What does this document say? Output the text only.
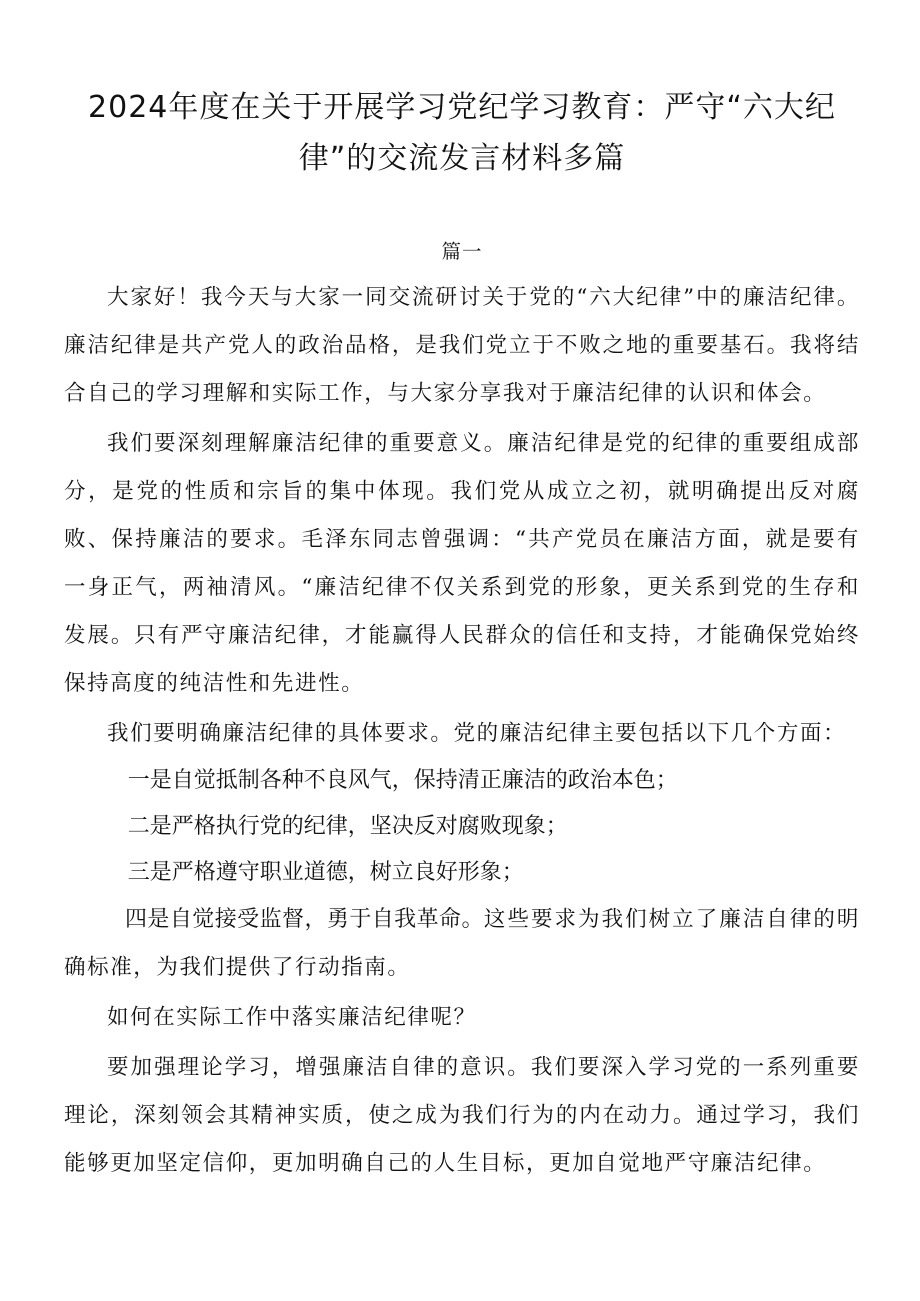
2024年度在关于开展学习党纪学习教育：严守“六大纪律”的交流发言材料多篇
篇一

大家好！我今天与大家一同交流研讨关于党的“六大纪律”中的廉洁纪律。廉洁纪律是共产党人的政治品格，是我们党立于不败之地的重要基石。我将结合自己的学习理解和实际工作，与大家分享我对于廉洁纪律的认识和体会。

我们要深刻理解廉洁纪律的重要意义。廉洁纪律是党的纪律的重要组成部分，是党的性质和宗旨的集中体现。我们党从成立之初，就明确提出反对腐败、保持廉洁的要求。毛泽东同志曾强调：“共产党员在廉洁方面，就是要有一身正气，两袖清风。“廉洁纪律不仅关系到党的形象，更关系到党的生存和发展。只有严守廉洁纪律，才能赢得人民群众的信任和支持，才能确保党始终保持高度的纯洁性和先进性。

我们要明确廉洁纪律的具体要求。党的廉洁纪律主要包括以下几个方面：

一是自觉抵制各种不良风气，保持清正廉洁的政治本色；

二是严格执行党的纪律，坚决反对腐败现象；

三是严格遵守职业道德，树立良好形象；

四是自觉接受监督，勇于自我革命。这些要求为我们树立了廉洁自律的明确标准，为我们提供了行动指南。

如何在实际工作中落实廉洁纪律呢？

要加强理论学习，增强廉洁自律的意识。我们要深入学习党的一系列重要理论，深刻领会其精神实质，使之成为我们行为的内在动力。通过学习，我们能够更加坚定信仰，更加明确自己的人生目标，更加自觉地严守廉洁纪律。
